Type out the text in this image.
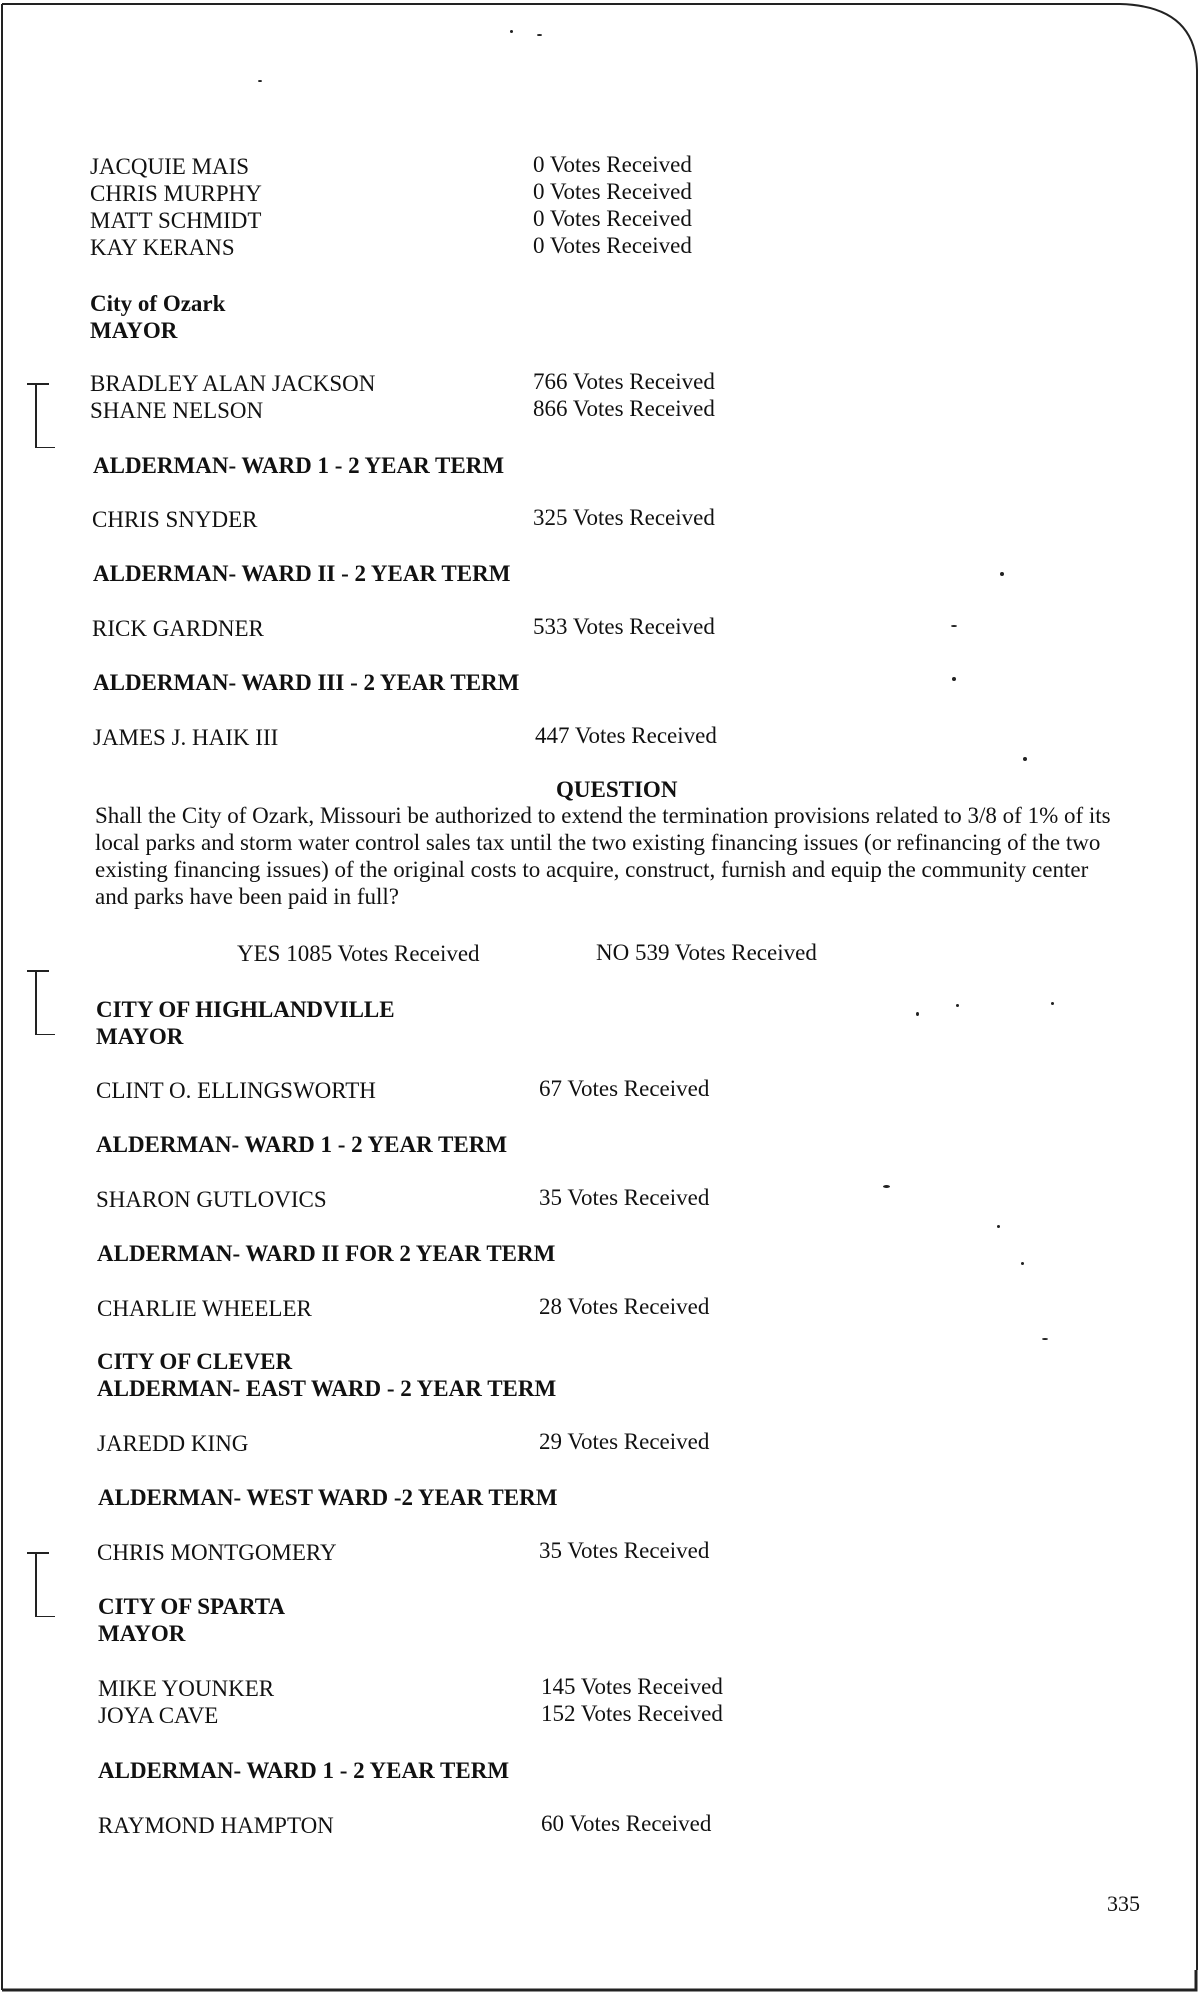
JACQUIE MAIS	0 Votes Received
CHRIS MURPHY	0 Votes Received
MATT SCHMIDT	0 Votes Received
KAY KERANS	0 Votes Received
City of Ozark
MAYOR
BRADLEY ALAN JACKSON	766 Votes Received
SHANE NELSON	866 Votes Received
ALDERMAN- WARD 1 - 2 YEAR TERM
CHRIS SNYDER	325 Votes Received
ALDERMAN- WARD II - 2 YEAR TERM
RICK GARDNER	533 Votes Received
ALDERMAN- WARD III - 2 YEAR TERM
JAMES J. HAIK III	447 Votes Received
QUESTION
Shall the City of Ozark, Missouri be authorized to extend the termination provisions related to 3/8 of 1% of its local parks and storm water control sales tax until the two existing financing issues (or refinancing of the two existing financing issues) of the original costs to acquire, construct, furnish and equip the community center and parks have been paid in full?
YES 1085 Votes Received	NO 539 Votes Received
CITY OF HIGHLANDVILLE
MAYOR
CLINT O. ELLINGSWORTH	67 Votes Received
ALDERMAN- WARD 1 - 2 YEAR TERM
SHARON GUTLOVICS	35 Votes Received
ALDERMAN- WARD II FOR 2 YEAR TERM
CHARLIE WHEELER	28 Votes Received
CITY OF CLEVER
ALDERMAN- EAST WARD - 2 YEAR TERM
JAREDD KING	29 Votes Received
ALDERMAN- WEST WARD -2 YEAR TERM
CHRIS MONTGOMERY	35 Votes Received
CITY OF SPARTA
MAYOR
MIKE YOUNKER	145 Votes Received
JOYA CAVE	152 Votes Received
ALDERMAN- WARD 1 - 2 YEAR TERM
RAYMOND HAMPTON	60 Votes Received
335
